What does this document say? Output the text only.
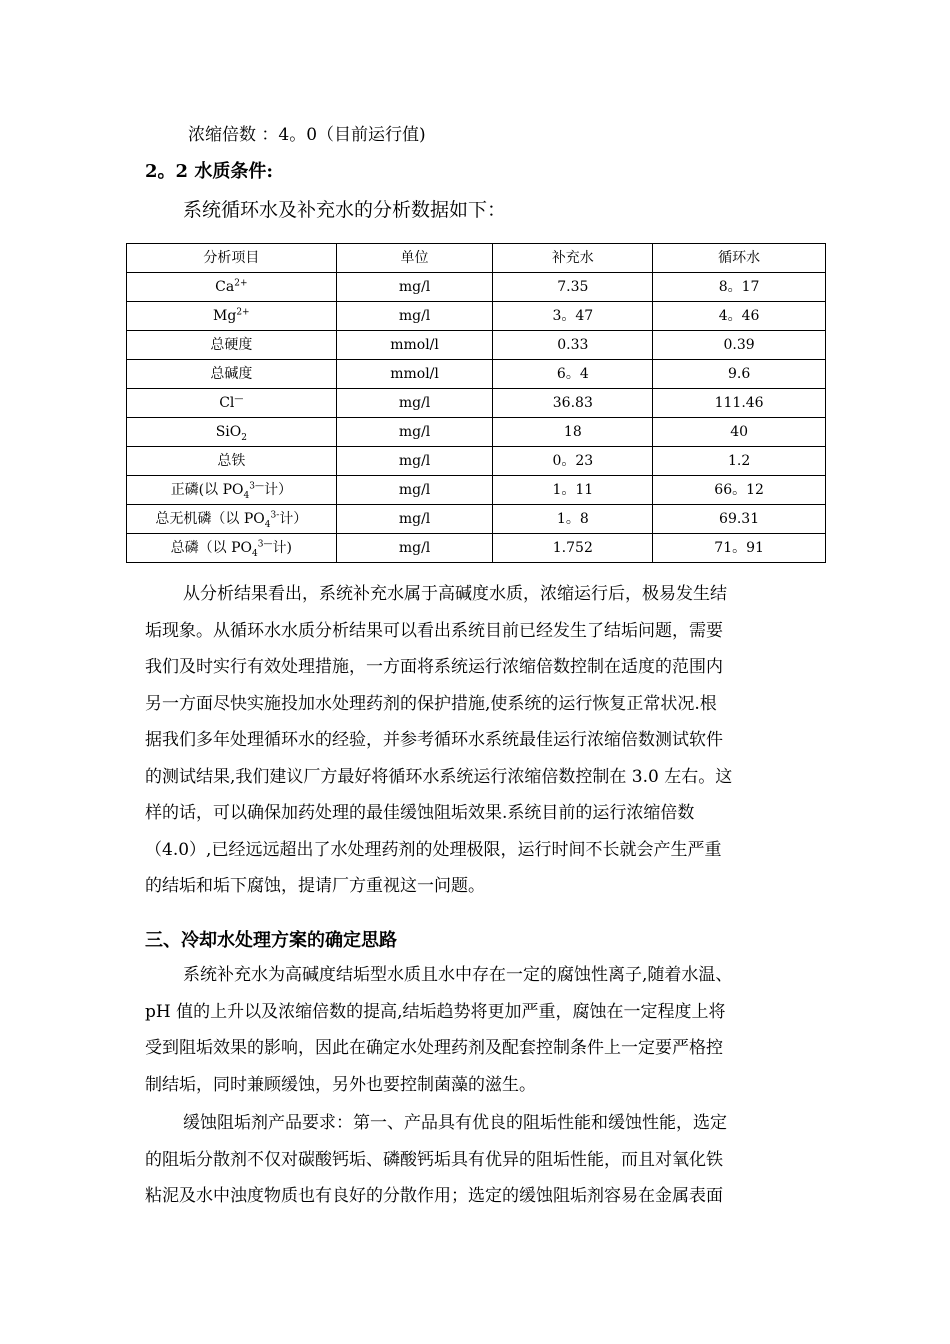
浓缩倍数 ：4。0（目前运行值)
2。2 水质条件:
系统循环水及补充水的分析数据如下：
分析项目	单位	补充水	循环水
$Ca^{2+}$	mg/l	7.35	8。17
$Mg^{2+}$	mg/l	3。47	4。46
总硬度	mmol/l	0.33	0.39
总碱度	mmol/l	6。4	9.6
Cl—	mg/l	36.83	111.46
SiO$_2$	mg/l	18	40
总铁	mg/l	0。23	1.2
正磷(以 $PO_4^{3—}$计）	mg/l	1。11	66。12
总无机磷（以 $PO_4^{3-}$计）	mg/l	1。8	69.31
总磷（以 $PO_4^{3—}$计)	mg/l	1.752	71。91
从分析结果看出，系统补充水属于高碱度水质，浓缩运行后，极易发生结
垢现象。从循环水水质分析结果可以看出系统目前已经发生了结垢问题，需要
我们及时实行有效处理措施，一方面将系统运行浓缩倍数控制在适度的范围内
另一方面尽快实施投加水处理药剂的保护措施,使系统的运行恢复正常状况.根
据我们多年处理循环水的经验，并参考循环水系统最佳运行浓缩倍数测试软件
的测试结果,我们建议厂方最好将循环水系统运行浓缩倍数控制在 3.0 左右。这
样的话，可以确保加药处理的最佳缓蚀阻垢效果.系统目前的运行浓缩倍数
（4.0）,已经远远超出了水处理药剂的处理极限，运行时间不长就会产生严重
的结垢和垢下腐蚀，提请厂方重视这一问题。
三、冷却水处理方案的确定思路
系统补充水为高碱度结垢型水质且水中存在一定的腐蚀性离子,随着水温、
pH 值的上升以及浓缩倍数的提高,结垢趋势将更加严重，腐蚀在一定程度上将
受到阻垢效果的影响，因此在确定水处理药剂及配套控制条件上一定要严格控
制结垢，同时兼顾缓蚀，另外也要控制菌藻的滋生。
缓蚀阻垢剂产品要求：第一、产品具有优良的阻垢性能和缓蚀性能，选定
的阻垢分散剂不仅对碳酸钙垢、磷酸钙垢具有优异的阻垢性能，而且对氧化铁
粘泥及水中浊度物质也有良好的分散作用；选定的缓蚀阻垢剂容易在金属表面
